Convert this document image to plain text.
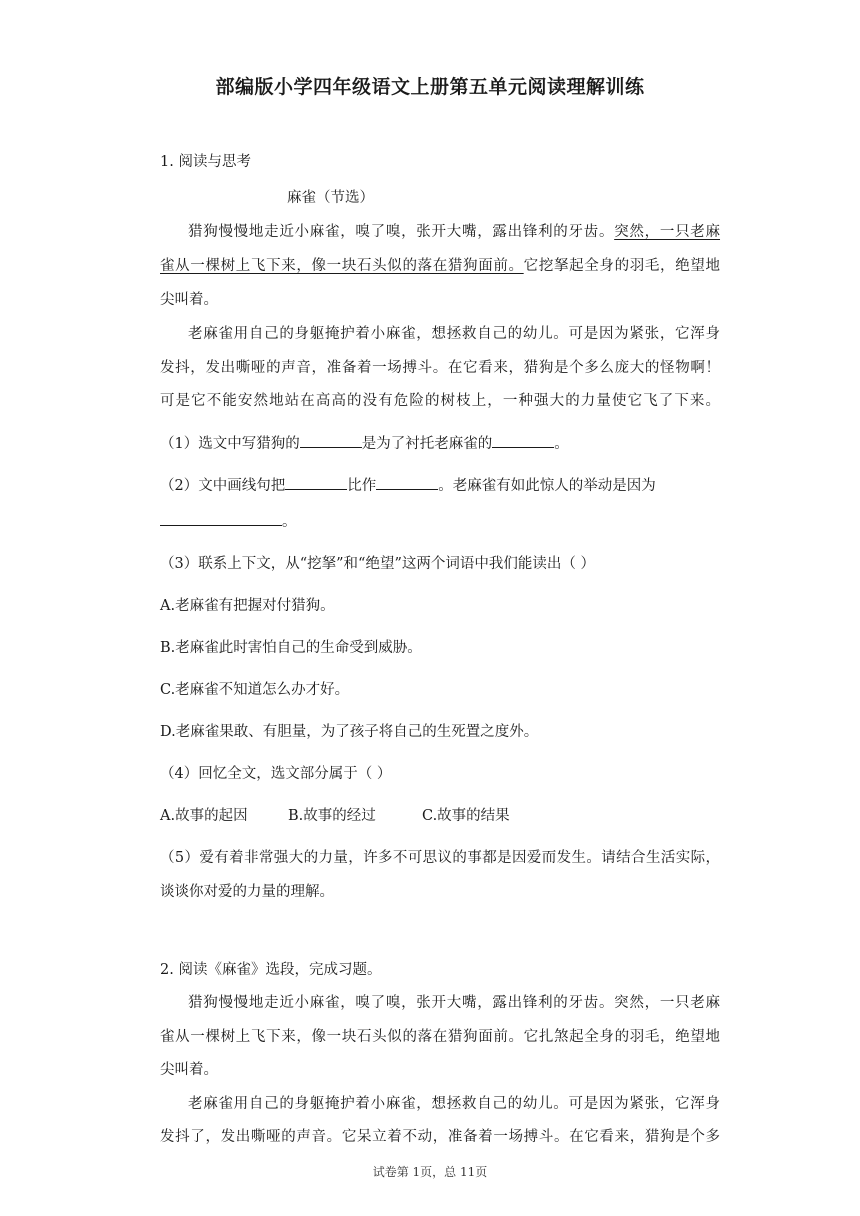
部编版小学四年级语文上册第五单元阅读理解训练
1. 阅读与思考
麻雀（节选）
猎狗慢慢地走近小麻雀，嗅了嗅，张开大嘴，露出锋利的牙齿。突然，一只老麻
雀从一棵树上飞下来，像一块石头似的落在猎狗面前。它挖拏起全身的羽毛，绝望地
尖叫着。
老麻雀用自己的身躯掩护着小麻雀，想拯救自己的幼儿。可是因为紧张，它浑身
发抖，发出嘶哑的声音，准备着一场搏斗。在它看来，猎狗是个多么庞大的怪物啊！
可是它不能安然地站在高高的没有危险的树枝上，一种强大的力量使它飞了下来。
（1）选文中写猎狗的	是为了衬托老麻雀的	。
（2）文中画线句把	比作	。老麻雀有如此惊人的举动是因为
。
（3）联系上下文，从“挖拏”和“绝望”这两个词语中我们能读出（ ）
A.老麻雀有把握对付猎狗。
B.老麻雀此时害怕自己的生命受到威胁。
C.老麻雀不知道怎么办才好。
D.老麻雀果敢、有胆量，为了孩子将自己的生死置之度外。
（4）回忆全文，选文部分属于（ ）
A.故事的起因	B.故事的经过	C.故事的结果
（5）爱有着非常强大的力量，许多不可思议的事都是因爱而发生。请结合生活实际，
谈谈你对爱的力量的理解。
2. 阅读《麻雀》选段，完成习题。
猎狗慢慢地走近小麻雀，嗅了嗅，张开大嘴，露出锋利的牙齿。突然，一只老麻
雀从一棵树上飞下来，像一块石头似的落在猎狗面前。它扎煞起全身的羽毛，绝望地
尖叫着。
老麻雀用自己的身躯掩护着小麻雀，想拯救自己的幼儿。可是因为紧张，它浑身
发抖了，发出嘶哑的声音。它呆立着不动，准备着一场搏斗。在它看来，猎狗是个多
试卷第 1页，总 11页
